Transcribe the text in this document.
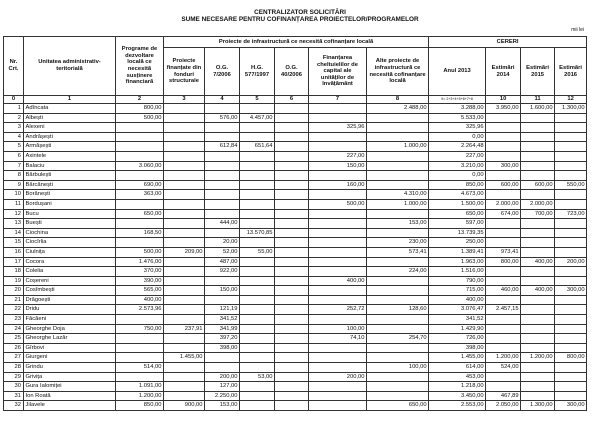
CENTRALIZATOR SOLICITĂRI
SUME NECESARE PENTRU COFINANȚAREA PROIECTELOR/PROGRAMELOR
mii lei
Nr. Crt.	Unitatea administrativ-teritorială	Programe de dezvoltare locală ce necesită susținere financiară	Proiecte de infrastructură ce necesită cofinanțare locală						CERERI			
			Proiecte finanțate din fonduri structurale	O.G. 7/2006	H.G. 577/1997	O.G. 40/2006	Finanțarea cheltuielilor de capital ale unităților de învățământ	Alte proiecte de infrastructură ce necesită cofinanțare locală	Anul 2013	Estimări 2014	Estimări 2015	Estimări 2016
0	1	2	3	4	5	6	7	8	9= 2+3+4+5+6+7+8	10	11	12
1	Adîncata	800,00						2.488,00	3.288,00	3.950,00	1.600,00	1.300,00
2	Albești	500,00		576,00	4.457,00				5.533,00			
3	Alexeni						325,96		325,96			
4	Andrășești								0,00			
5	Armășești			612,84	651,64			1.000,00	2.264,48			
6	Axintele						227,00		227,00			
7	Balaciu	3.060,00					150,00		3.210,00	300,00		
8	Bărbulești								0,00			
9	Bărcănești	690,00					160,00		850,00	600,00	600,00	550,00
10	Borănești	363,00						4.310,00	4.673,00			
11	Bordușani						500,00	1.000,00	1.500,00	2.000,00	2.000,00	
12	Bucu	650,00							650,00	674,00	700,00	723,00
13	Buești			444,00				153,00	597,00			
14	Ciochina	168,50			13.570,85				13.739,35			
15	Ciocîrlia			20,00				230,00	250,00			
16	Ciulnița	500,00	209,00	52,00	55,00			573,41	1.389,41	973,41		
17	Cocora	1.476,00		487,00					1.963,00	800,00	400,00	200,00
18	Colelia	370,00		922,00				224,00	1.516,00			
19	Coșereni	390,00					400,00		790,00			
20	Cosîmbești	565,00		150,00					715,00	460,00	400,00	300,00
21	Drăgoești	400,00							400,00			
22	Dridu	2.573,96		121,19			252,72	128,60	3.076,47	2.457,15		
23	Făcăeni			341,52					341,52			
24	Gheorghe Doja	750,00	237,91	341,99			100,00		1.429,90			
25	Gheorghe Lazăr			397,20			74,10	254,70	726,00			
26	Gîrbovi			398,00					398,00			
27	Giurgeni		1.455,00						1.455,00	1.200,00	1.200,00	800,00
28	Grindu	514,00						100,00	614,00	524,00		
29	Grivița			200,00	53,00		200,00		453,00			
30	Gura Ialomiței	1.091,00		127,00					1.218,00			
31	Ion Roată	1.200,00		2.250,00					3.450,00	467,89		
32	Jilavele	850,00	900,00	153,00				650,00	2.553,00	2.050,00	1.300,00	300,00
